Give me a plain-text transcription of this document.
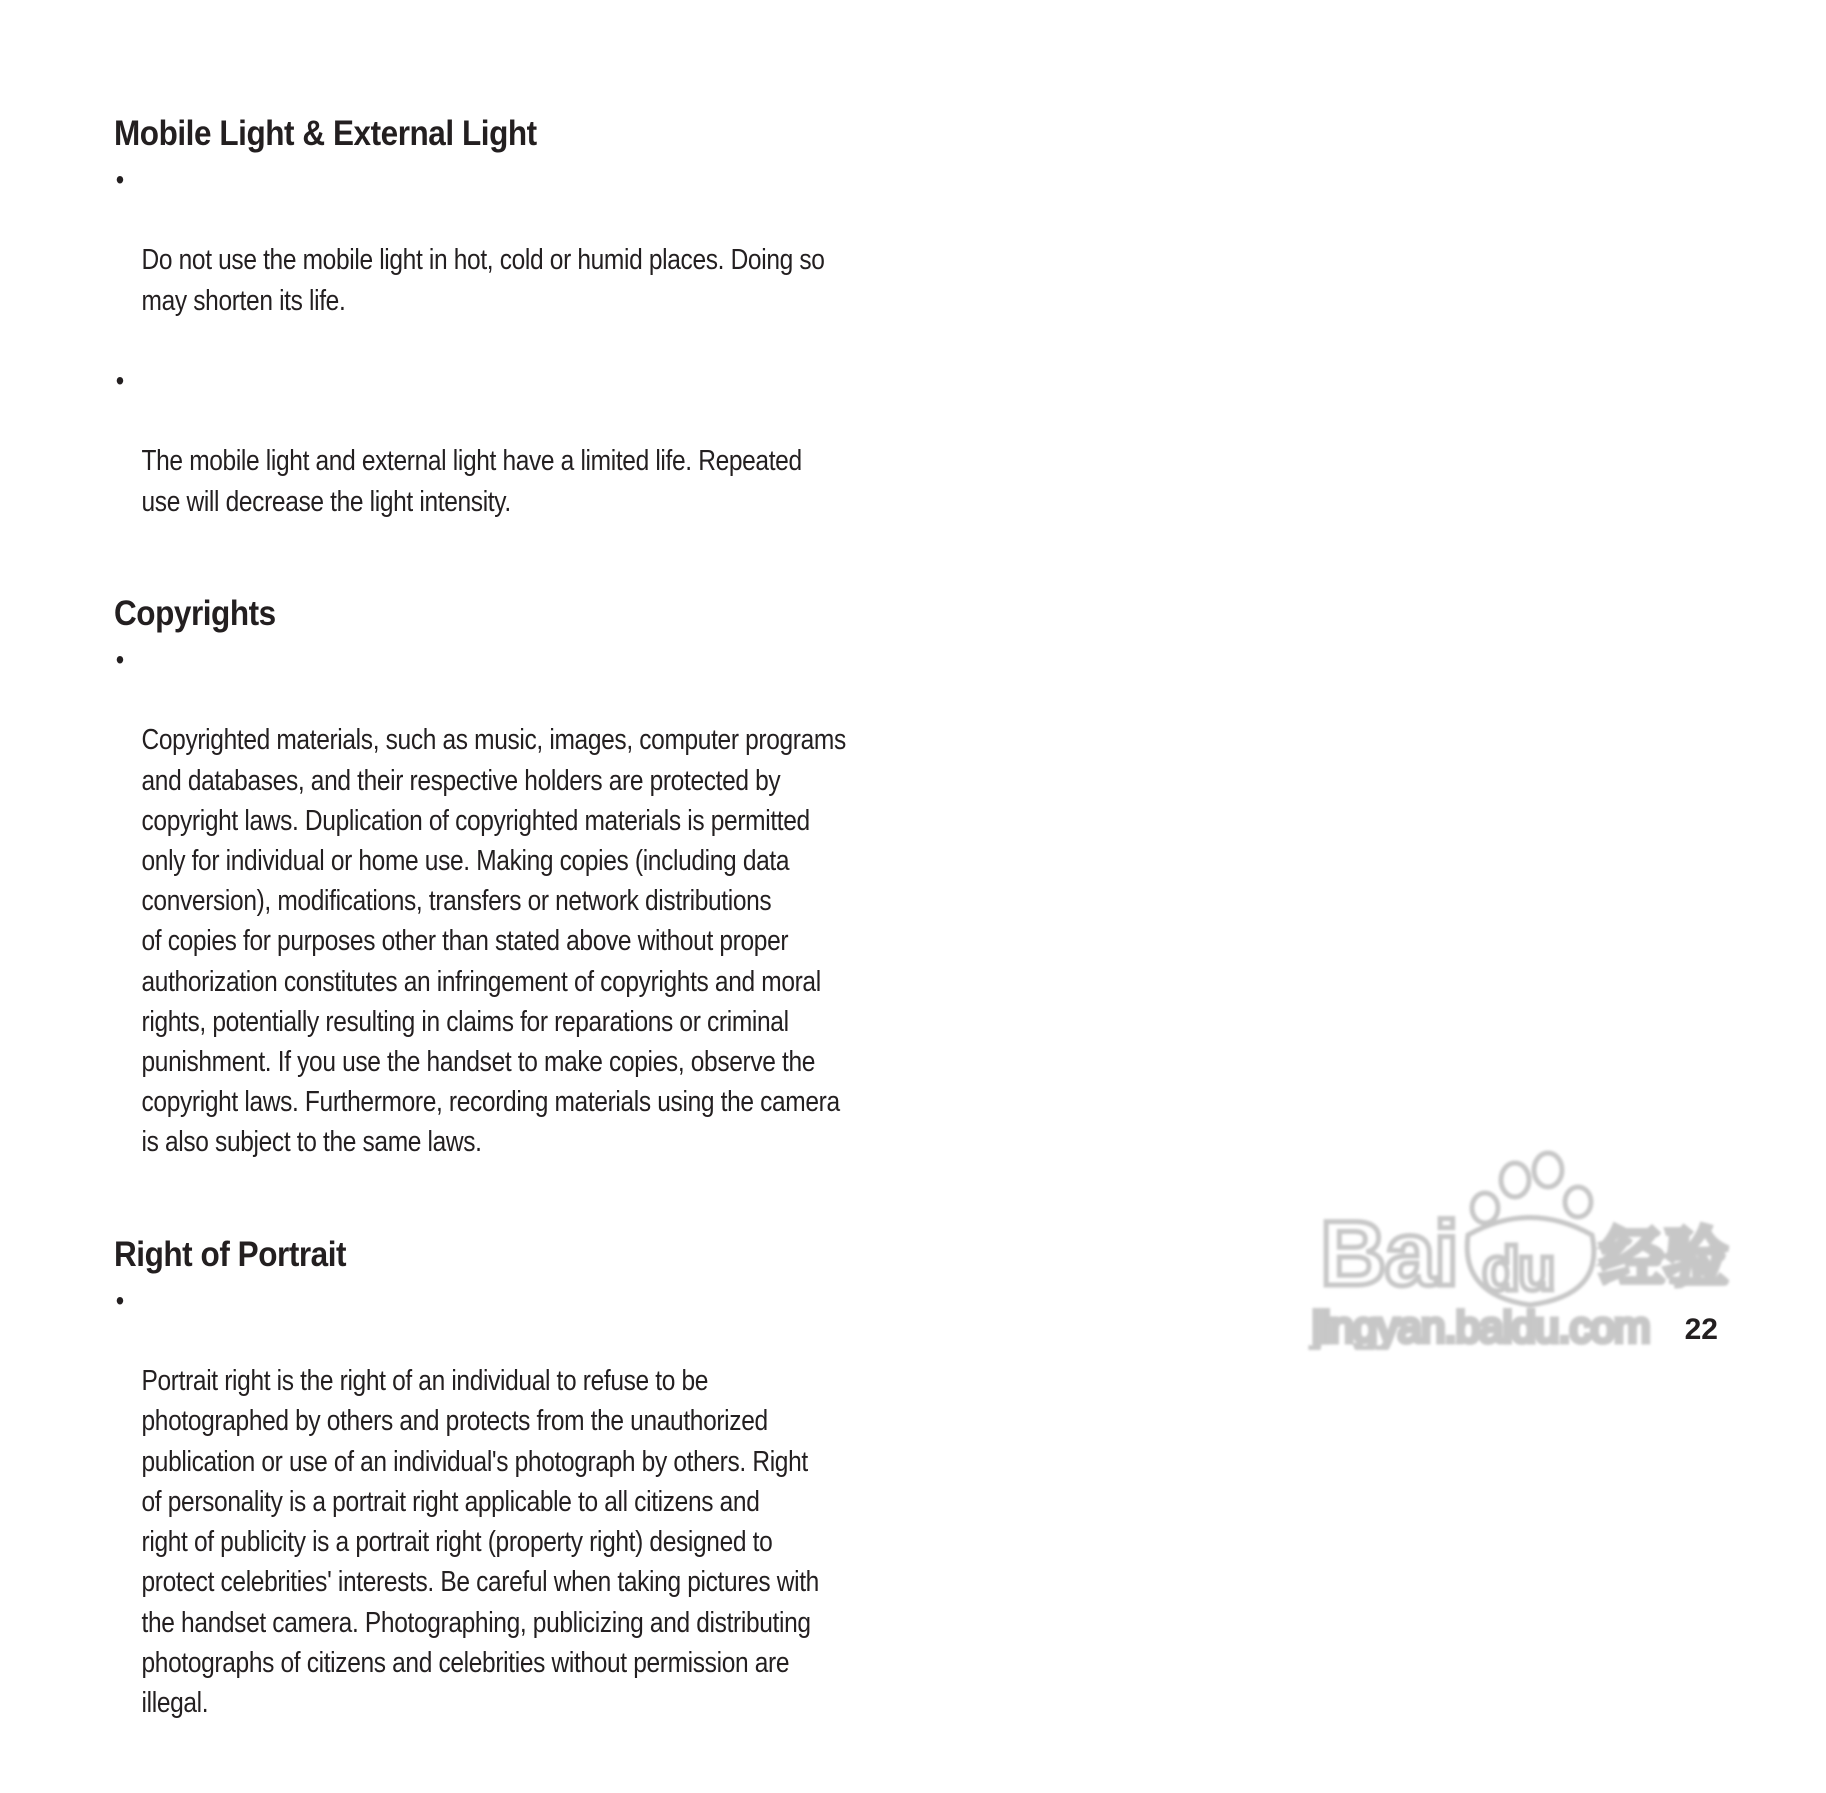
Mobile Light & External Light

•

Do not use the mobile light in hot, cold or humid places. Doing so
may shorten its life.

•

The mobile light and external light have a limited life. Repeated
use will decrease the light intensity.

Copyrights

•

Copyrighted materials, such as music, images, computer programs
and databases, and their respective holders are protected by
copyright laws. Duplication of copyrighted materials is permitted
only for individual or home use. Making copies (including data
conversion), modifications, transfers or network distributions
of copies for purposes other than stated above without proper
authorization constitutes an infringement of copyrights and moral
rights, potentially resulting in claims for reparations or criminal
punishment. If you use the handset to make copies, observe the
copyright laws. Furthermore, recording materials using the camera
is also subject to the same laws.

Right of Portrait

•

Portrait right is the right of an individual to refuse to be
photographed by others and protects from the unauthorized
publication or use of an individual's photograph by others. Right
of personality is a portrait right applicable to all citizens and
right of publicity is a portrait right (property right) designed to
protect celebrities' interests. Be careful when taking pictures with
the handset camera. Photographing, publicizing and distributing
photographs of citizens and celebrities without permission are
illegal.

Bai du 经验
jingyan.baidu.com 22
